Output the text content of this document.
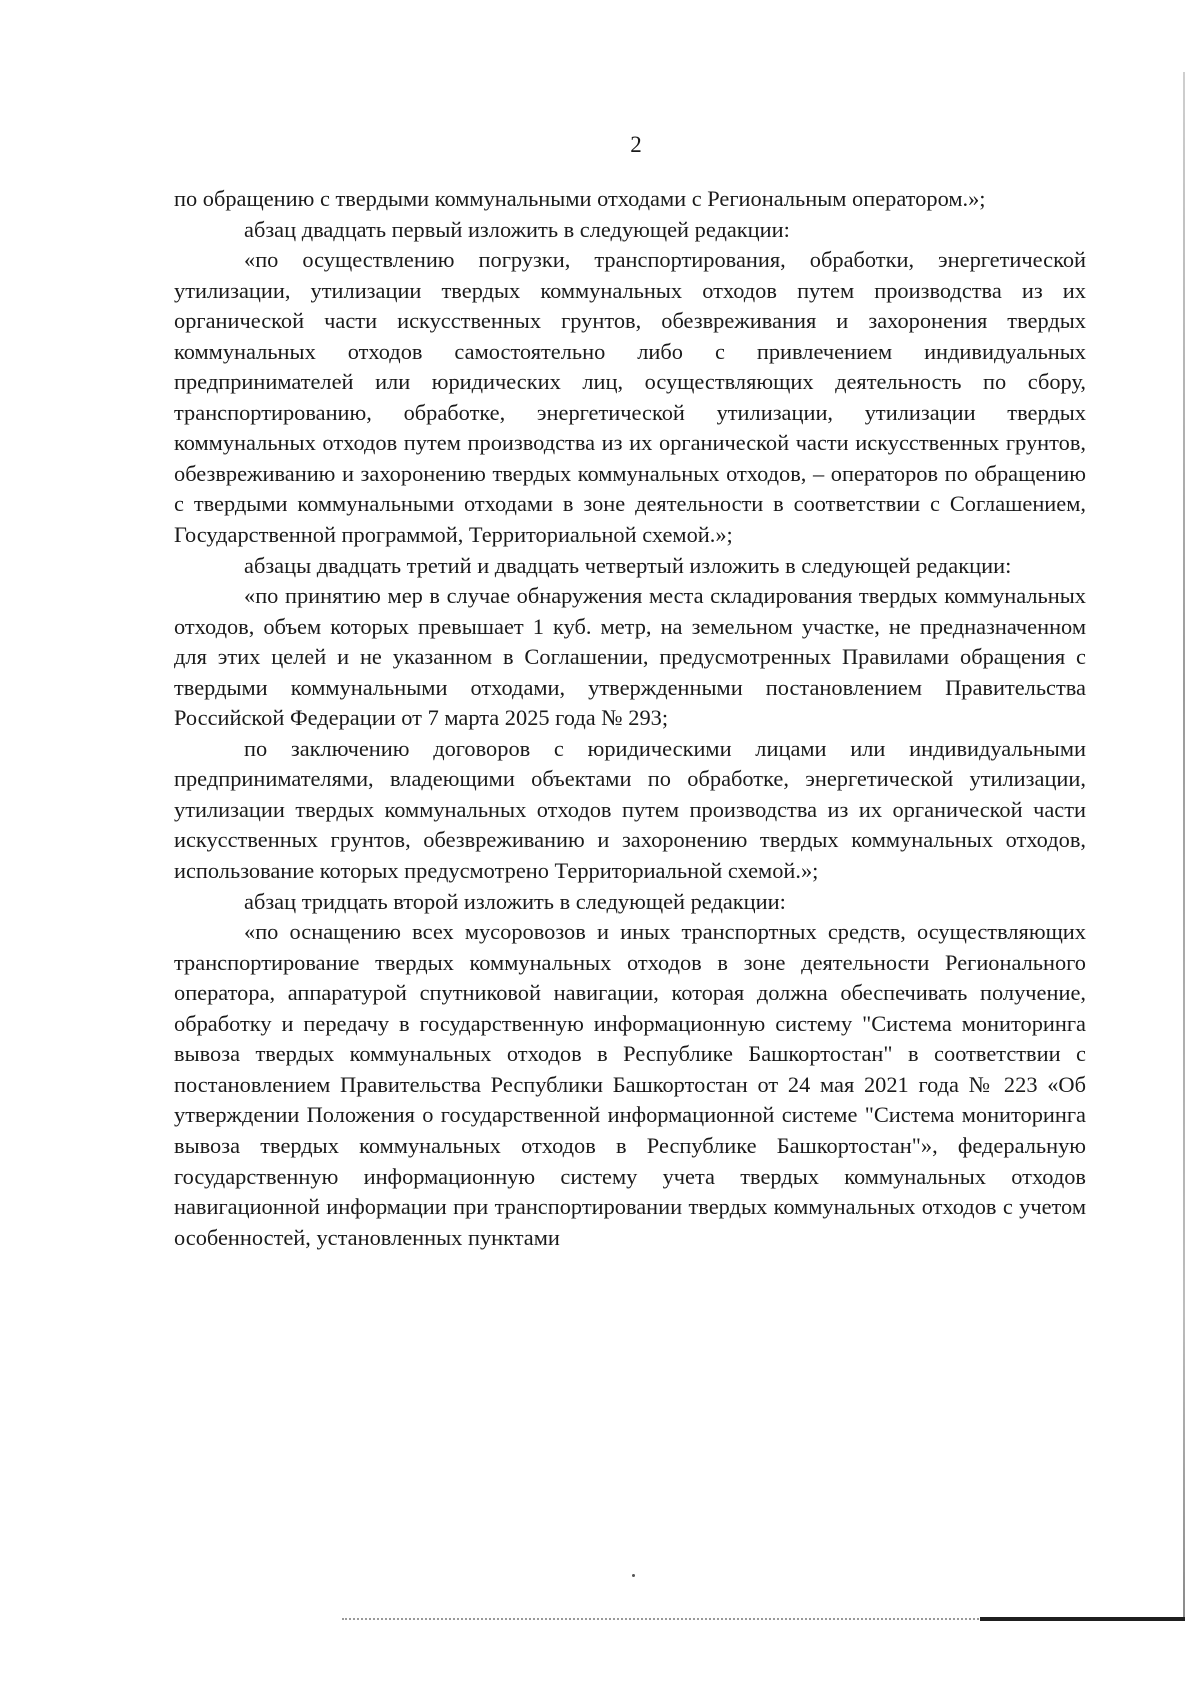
2

по обращению с твердыми коммунальными отходами с Региональным оператором.»;

абзац двадцать первый изложить в следующей редакции:

«по осуществлению погрузки, транспортирования, обработки, энергетической утилизации, утилизации твердых коммунальных отходов путем производства из их органической части искусственных грунтов, обезвреживания и захоронения твердых коммунальных отходов самостоятельно либо с привлечением индивидуальных предпринимателей или юридических лиц, осуществляющих деятельность по сбору, транспортированию, обработке, энергетической утилизации, утилизации твердых коммунальных отходов путем производства из их органической части искусственных грунтов, обезвреживанию и захоронению твердых коммунальных отходов, – операторов по обращению с твердыми коммунальными отходами в зоне деятельности в соответствии с Соглашением, Государственной программой, Территориальной схемой.»;

абзацы двадцать третий и двадцать четвертый изложить в следующей редакции:

«по принятию мер в случае обнаружения места складирования твердых коммунальных отходов, объем которых превышает 1 куб. метр, на земельном участке, не предназначенном для этих целей и не указанном в Соглашении, предусмотренных Правилами обращения с твердыми коммунальными отходами, утвержденными постановлением Правительства Российской Федерации от 7 марта 2025 года № 293;

по заключению договоров с юридическими лицами или индивидуальными предпринимателями, владеющими объектами по обработке, энергетической утилизации, утилизации твердых коммунальных отходов путем производства из их органической части искусственных грунтов, обезвреживанию и захоронению твердых коммунальных отходов, использование которых предусмотрено Территориальной схемой.»;

абзац тридцать второй изложить в следующей редакции:

«по оснащению всех мусоровозов и иных транспортных средств, осуществляющих транспортирование твердых коммунальных отходов в зоне деятельности Регионального оператора, аппаратурой спутниковой навигации, которая должна обеспечивать получение, обработку и передачу в государственную информационную систему "Система мониторинга вывоза твердых коммунальных отходов в Республике Башкортостан" в соответствии с постановлением Правительства Республики Башкортостан от 24 мая 2021 года № 223 «Об утверждении Положения о государственной информационной системе "Система мониторинга вывоза твердых коммунальных отходов в Республике Башкортостан"», федеральную государственную информационную систему учета твердых коммунальных отходов навигационной информации при транспортировании твердых коммунальных отходов с учетом особенностей, установленных пунктами
